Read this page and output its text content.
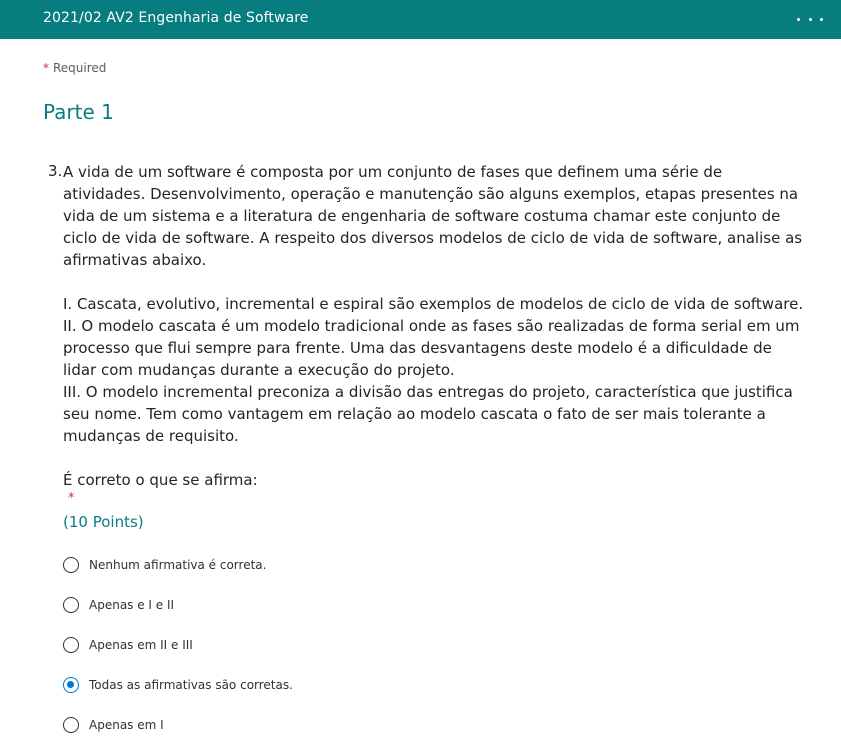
2021/02 AV2 Engenharia de Software
* Required
Parte 1
3. A vida de um software é composta por um conjunto de fases que definem uma série de atividades. Desenvolvimento, operação e manutenção são alguns exemplos, etapas presentes na vida de um sistema e a literatura de engenharia de software costuma chamar este conjunto de ciclo de vida de software. A respeito dos diversos modelos de ciclo de vida de software, analise as afirmativas abaixo.

I. Cascata, evolutivo, incremental e espiral são exemplos de modelos de ciclo de vida de software.

II. O modelo cascata é um modelo tradicional onde as fases são realizadas de forma serial em um processo que flui sempre para frente. Uma das desvantagens deste modelo é a dificuldade de lidar com mudanças durante a execução do projeto.

III. O modelo incremental preconiza a divisão das entregas do projeto, característica que justifica seu nome. Tem como vantagem em relação ao modelo cascata o fato de ser mais tolerante a mudanças de requisito.

É correto o que se afirma:

*
(10 Points)
Nenhum afirmativa é correta.
Apenas e I e II
Apenas em II e III
Todas as afirmativas são corretas.
Apenas em I
